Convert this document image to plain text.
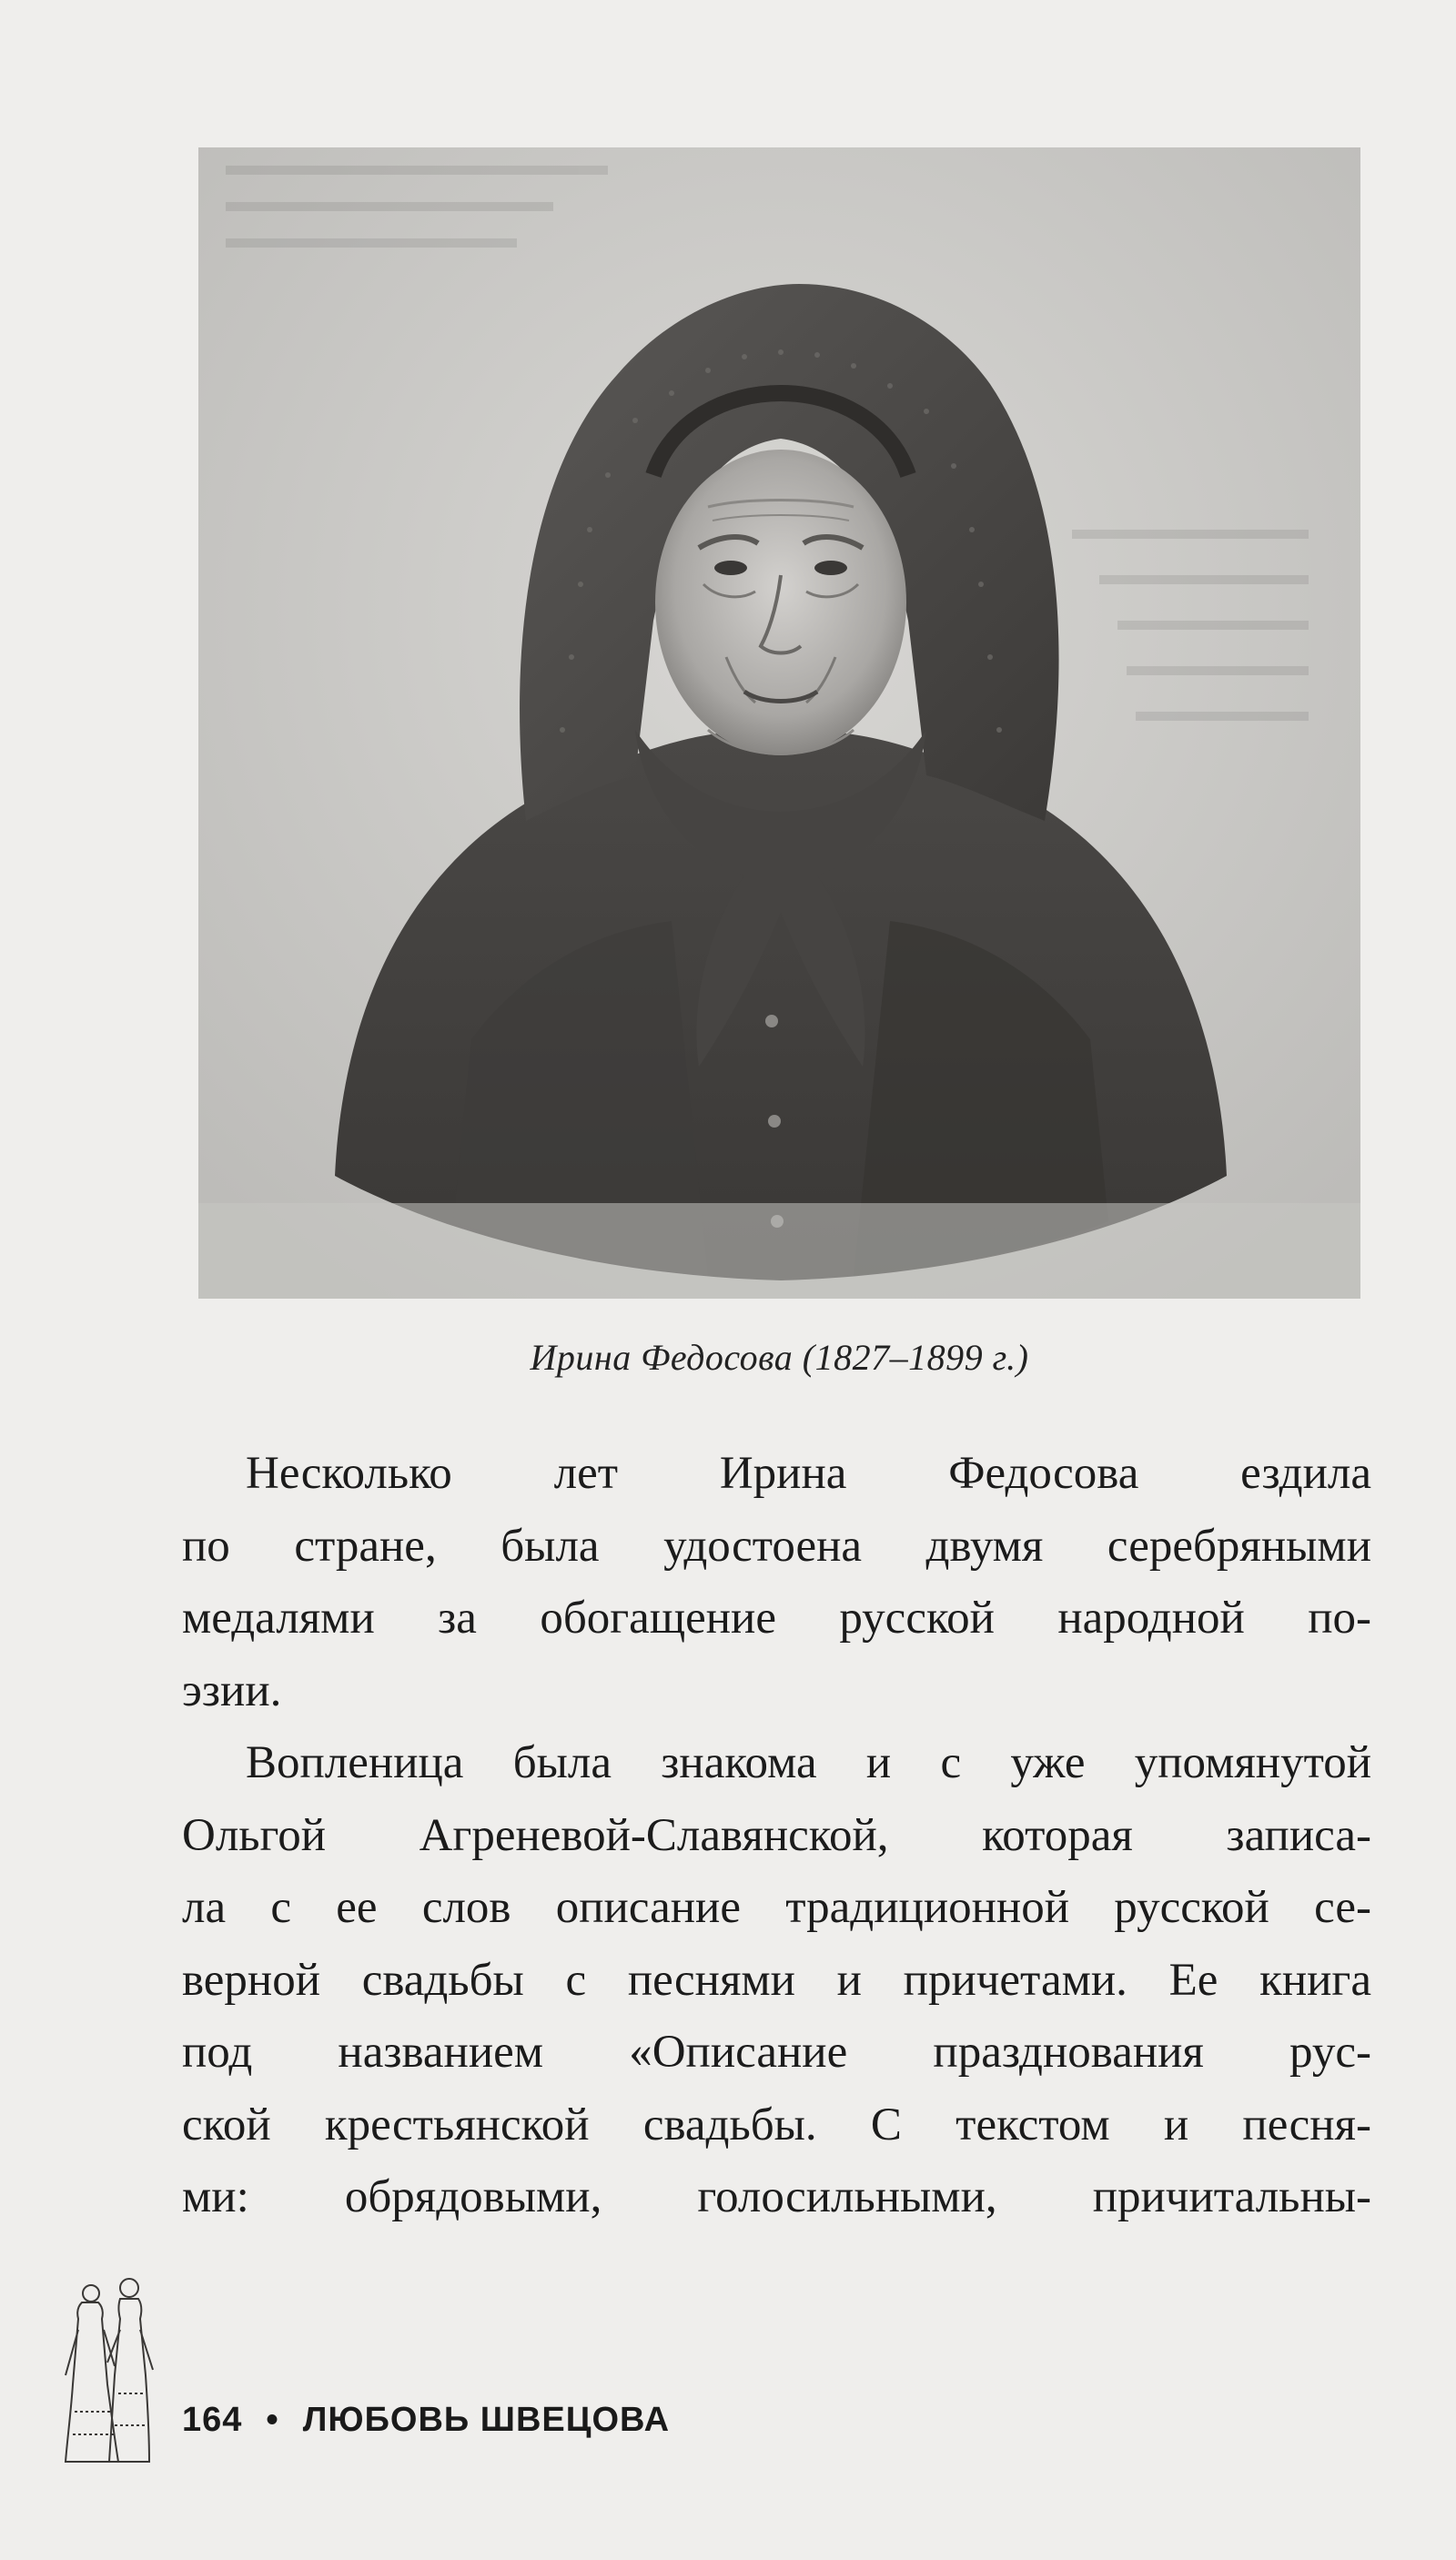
Ирина Федосова (1827–1899 г.)

Несколько лет Ирина Федосова ездила
по стране, была удостоена двумя серебряными
медалями за обогащение русской народной по-
эзии.

Вопленица была знакома и с уже упомянутой
Ольгой Агреневой-Славянской, которая записа-
ла с ее слов описание традиционной русской се-
верной свадьбы с песнями и причетами. Ее книга
под названием «Описание празднования рус-
ской крестьянской свадьбы. С текстом и песня-
ми: обрядовыми, голосильными, причитальны-

164 • ЛЮБОВЬ ШВЕЦОВА
